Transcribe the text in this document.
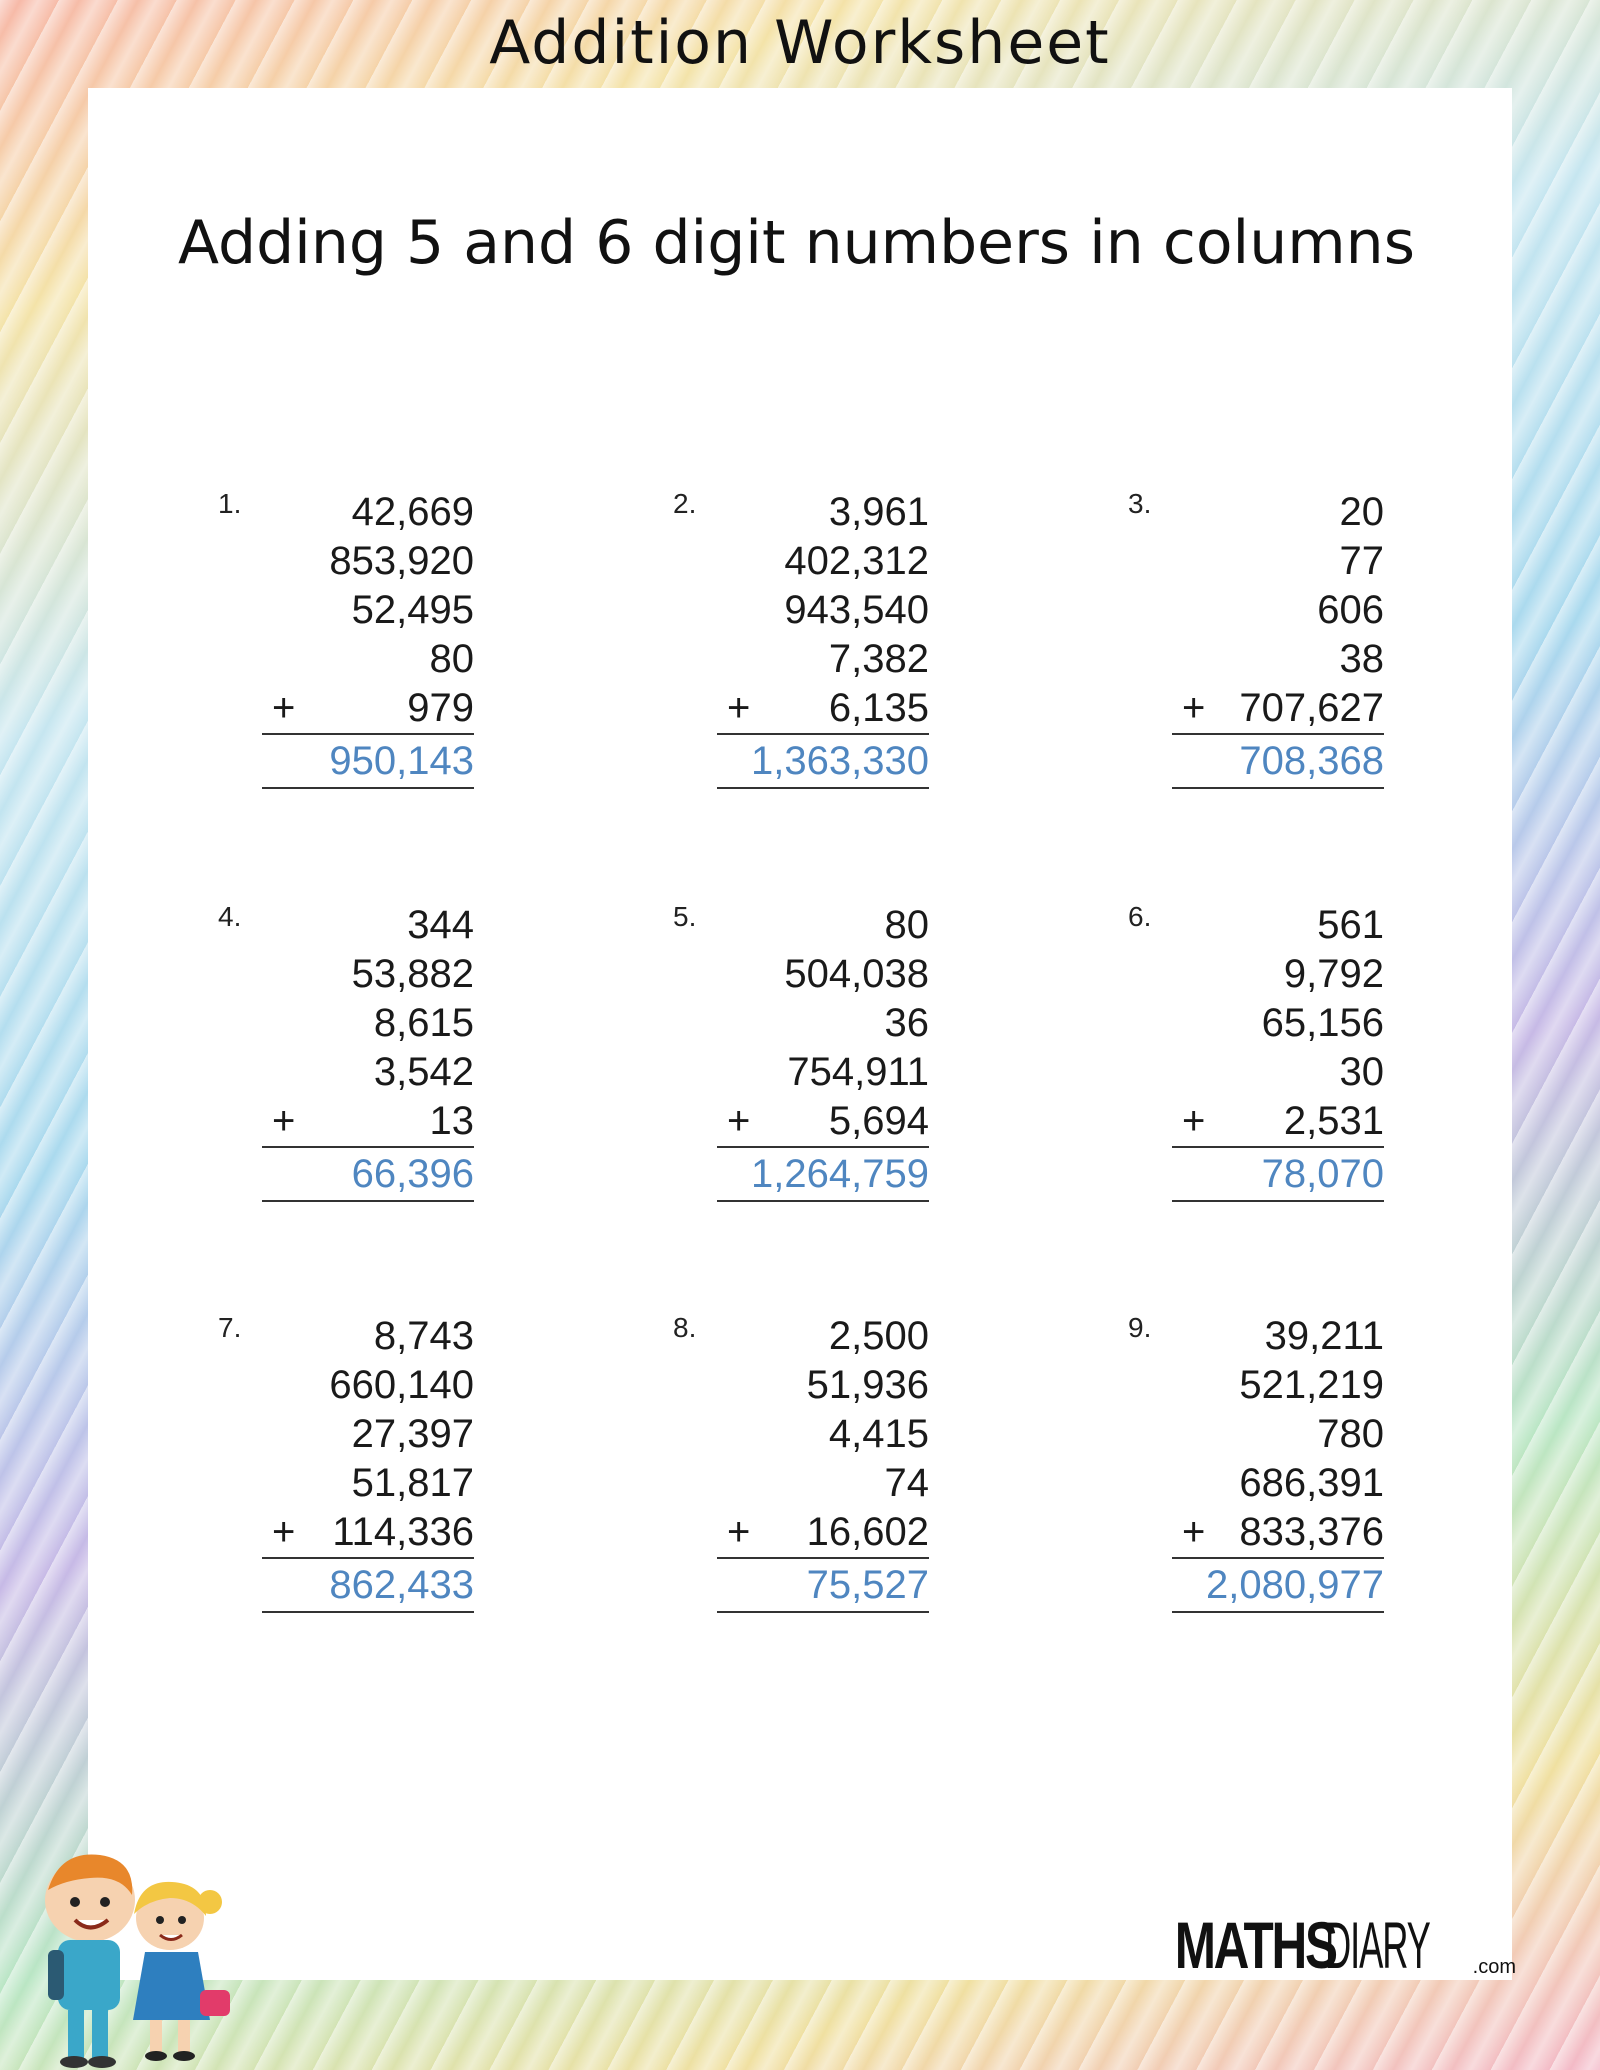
Addition Worksheet
Adding 5 and 6 digit numbers in columns
1.	42,669
853,920
52,495
80
+	979
950,143
2.	3,961
402,312
943,540
7,382
+ 6,135
1,363,330
3.	20
77
606
38
+ 707,627
708,368
4.	344
53,882
8,615
3,542
+	13
66,396
5.	80
504,038
36
754,911
+ 5,694
1,264,759
6.	561
9,792
65,156
30
+ 2,531
78,070
7.	8,743
660,140
27,397
51,817
+ 114,336
862,433
8.	2,500
51,936
4,415
74
+ 16,602
75,527
9.	39,211
521,219
780
686,391
+ 833,376
2,080,977
MATHSDIARY .com
